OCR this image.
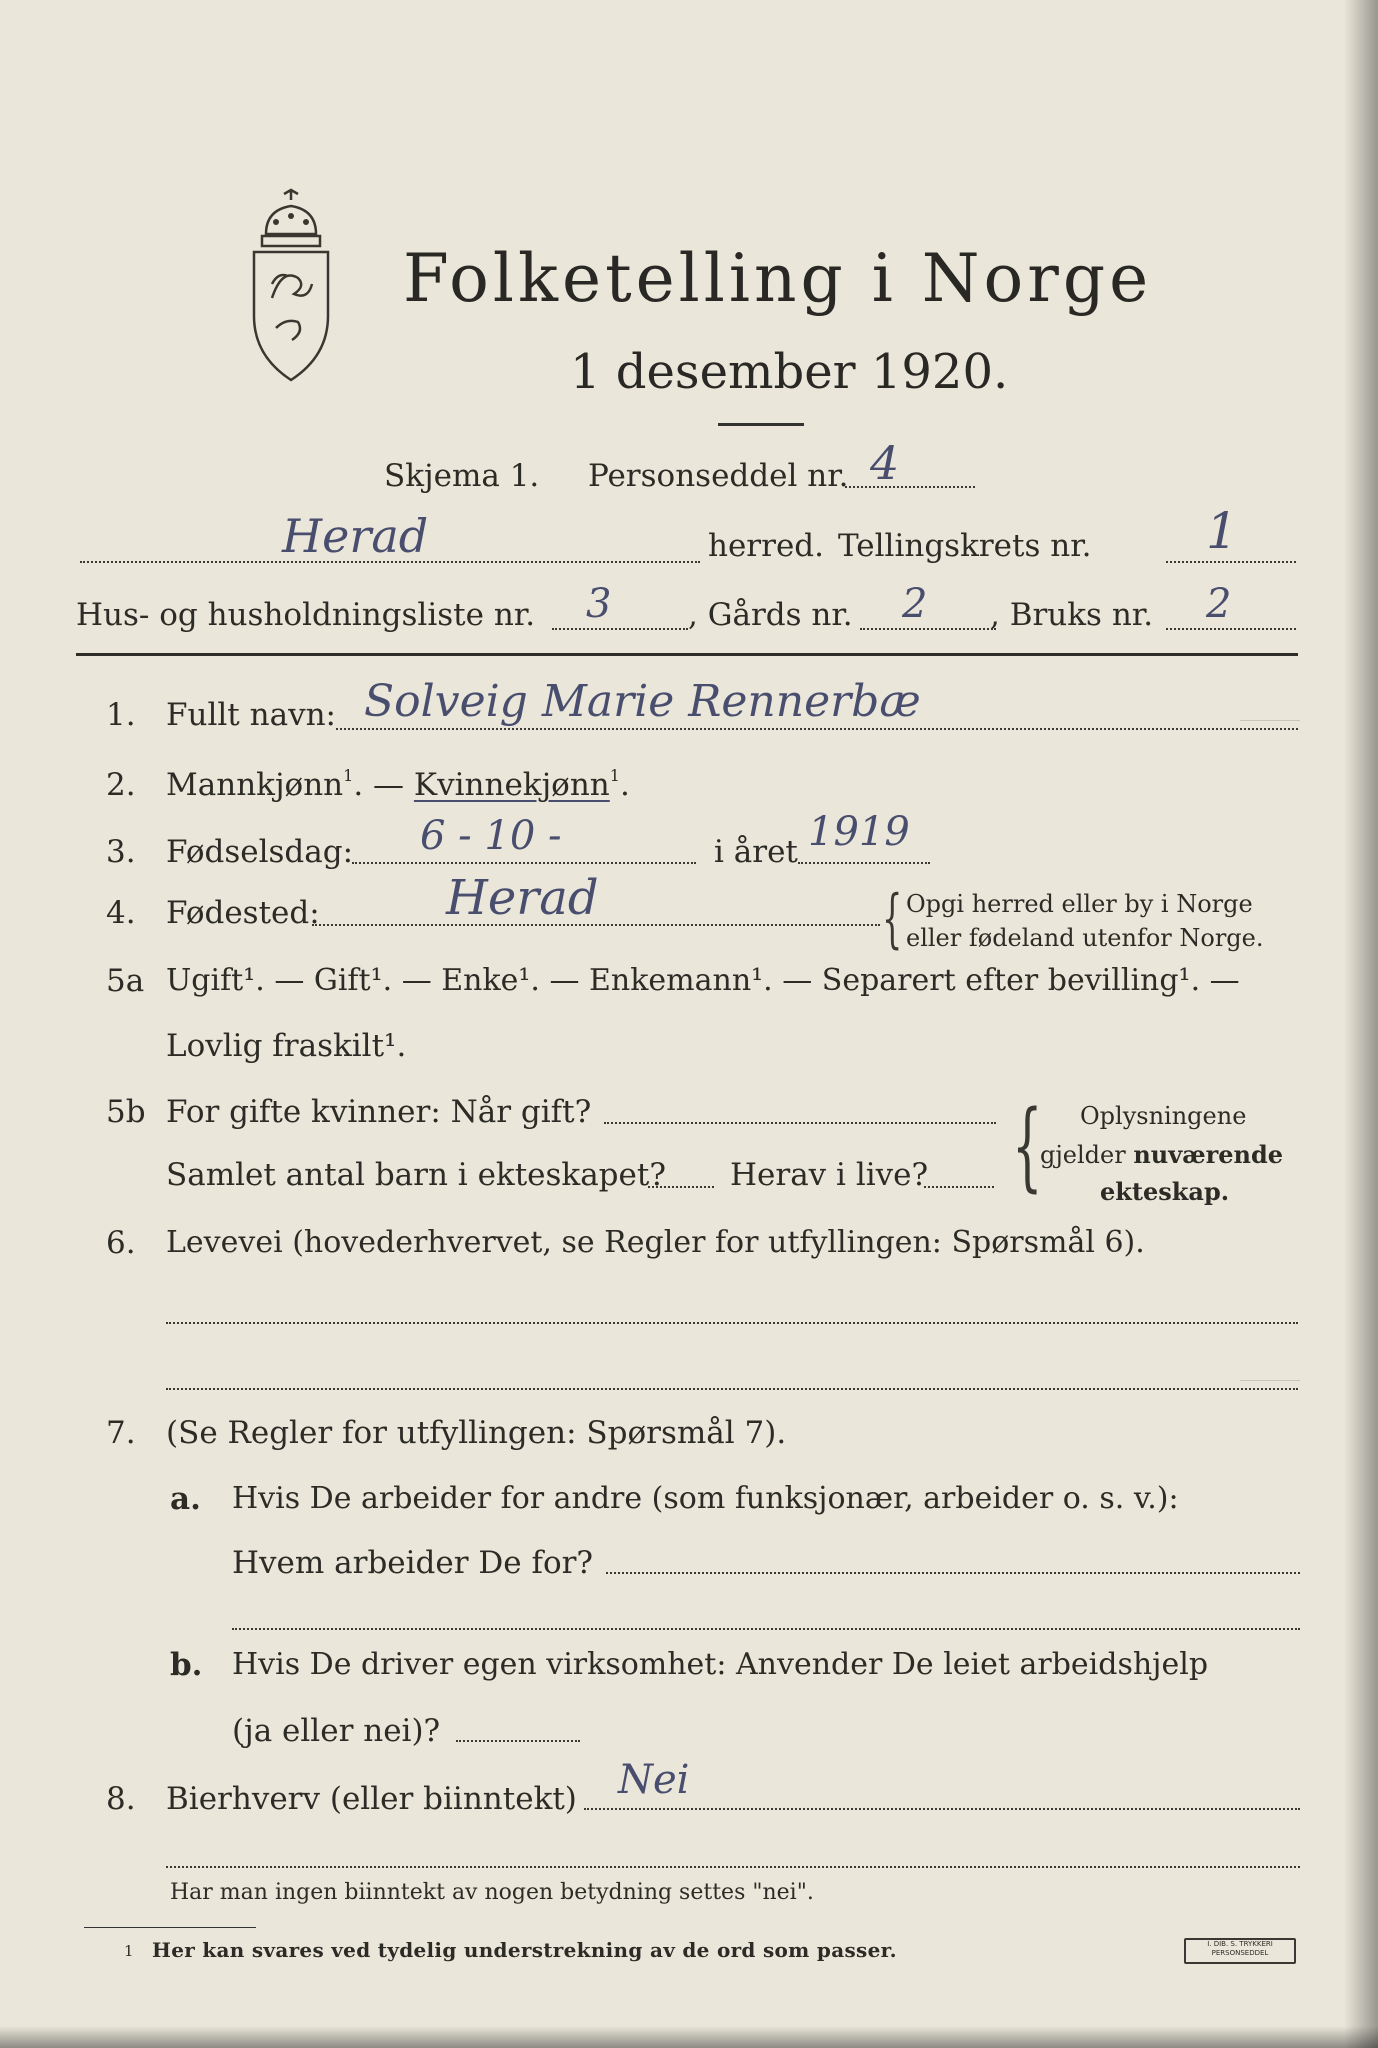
Folketelling i Norge
1 desember 1920.
Skjema 1. Personseddel nr. 4
Herad	herred. Tellingskrets nr. 1
Hus- og husholdningsliste nr. 3 , Gårds nr. 2 , Bruks nr. 2
1. Fullt navn: Solveig Marie Rennerbæ
2. Mannkjønn$^1$. — Kvinnekjønn$^1$.
3. Fødselsdag: 6 - 10 -	i året 1919
4. Fødested:	Herad	{ Opgi herred eller by i Norge
eller fødeland utenfor Norge.
5a Ugift¹. — Gift¹. — Enke¹. — Enkemann¹. — Separert efter bevilling¹. —
Lovlig fraskilt¹.
5b For gifte kvinner: Når gift?
Samlet antal barn i ekteskapet? Herav i live? { Oplysningene
gjelder nuværende
ekteskap.
6. Levevei (hovederhvervet, se Regler for utfyllingen: Spørsmål 6).
7. (Se Regler for utfyllingen: Spørsmål 7).
a. Hvis De arbeider for andre (som funksjonær, arbeider o. s. v.):
Hvem arbeider De for?
b. Hvis De driver egen virksomhet: Anvender De leiet arbeidshjelp
(ja eller nei)?
8. Bierhverv (eller biinntekt) Nei
Har man ingen biinntekt av nogen betydning settes "nei".
1 Her kan svares ved tydelig understrekning av de ord som passer.	I. DIB. S. TRYKKERI
PERSONSEDDEL
